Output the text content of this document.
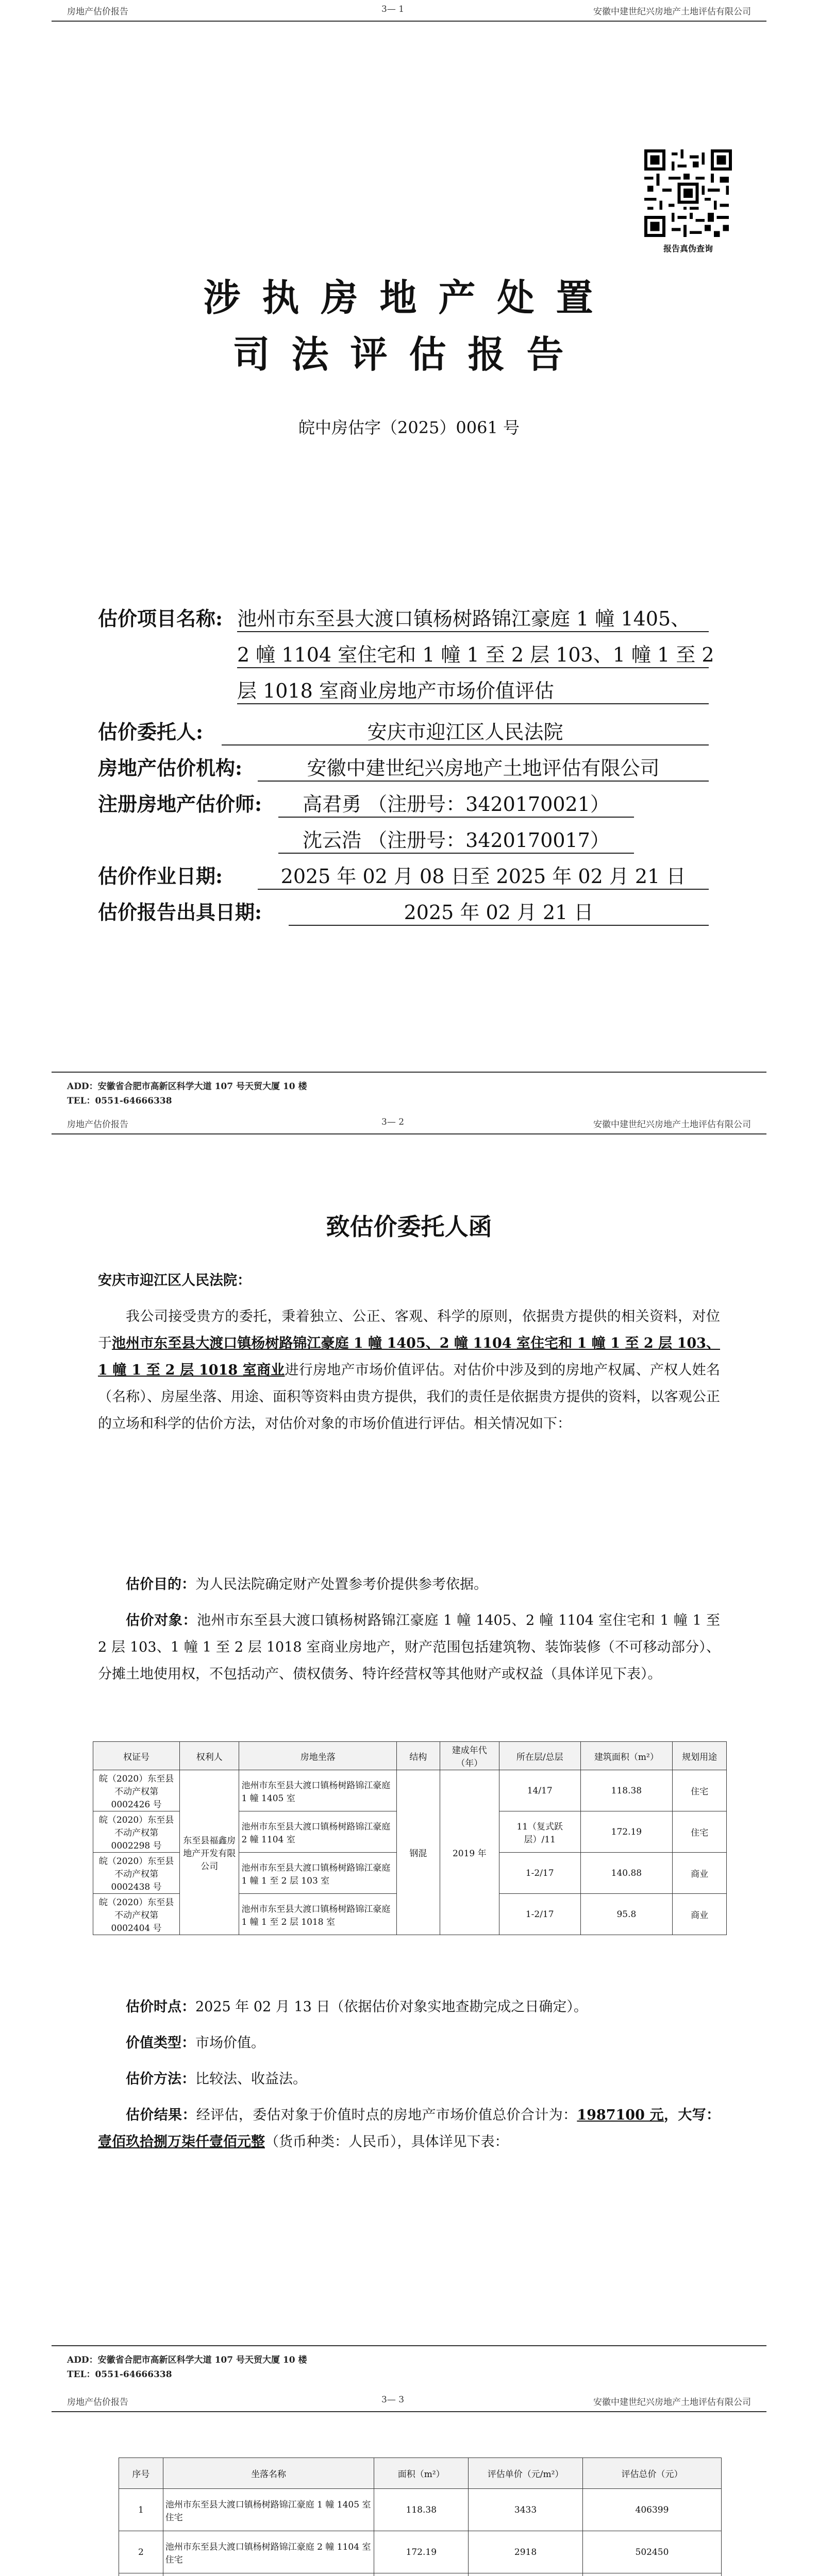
房地产估价报告	3— 1	安徽中建世纪兴房地产土地评估有限公司
报告真伪查询
涉执房地产处置
司法评估报告
皖中房估字（2025）0061 号
估价项目名称: 池州市东至县大渡口镇杨树路锦江豪庭 1 幢 1405、
2 幢 1104 室住宅和 1 幢 1 至 2 层 103、1 幢 1 至 2
层 1018 室商业房地产市场价值评估
估价委托人:	安庆市迎江区人民法院
房地产估价机构:	安徽中建世纪兴房地产土地评估有限公司
注册房地产估价师:	高君勇 （注册号：3420170021）
沈云浩 （注册号：3420170017）
估价作业日期:	2025 年 02 月 08 日至 2025 年 02 月 21 日
估价报告出具日期:	2025 年 02 月 21 日
ADD：安徽省合肥市高新区科学大道 107 号天贸大厦 10 楼
TEL：0551-64666338
房地产估价报告	3— 2	安徽中建世纪兴房地产土地评估有限公司
致估价委托人函
安庆市迎江区人民法院：
我公司接受贵方的委托，秉着独立、公正、客观、科学的原则，依据贵方提供的相关资料，对位于池州市东至县大渡口镇杨树路锦江豪庭 1 幢 1405、2 幢 1104 室住宅和 1 幢 1 至 2 层 103、1 幢 1 至 2 层 1018 室商业进行房地产市场价值评估。对估价中涉及到的房地产权属、产权人姓名（名称）、房屋坐落、用途、面积等资料由贵方提供，我们的责任是依据贵方提供的资料，以客观公正的立场和科学的估价方法，对估价对象的市场价值进行评估。相关情况如下：
估价目的：为人民法院确定财产处置参考价提供参考依据。
估价对象：池州市东至县大渡口镇杨树路锦江豪庭 1 幢 1405、2 幢 1104 室住宅和 1 幢 1 至 2 层 103、1 幢 1 至 2 层 1018 室商业房地产，财产范围包括建筑物、装饰装修（不可移动部分）、分摊土地使用权，不包括动产、债权债务、特许经营权等其他财产或权益（具体详见下表）。
权证号	权利人	房地坐落	结构	建成年代（年）	所在层/总层	建筑面积（m²）	规划用途
皖（2020）东至县不动产权第 0002426 号	东至县福鑫房地产开发有限公司	池州市东至县大渡口镇杨树路锦江豪庭 1 幢 1405 室	钢混	2019 年	14/17	118.38	住宅
皖（2020）东至县不动产权第 0002298 号		池州市东至县大渡口镇杨树路锦江豪庭 2 幢 1104 室			11（复式跃层）/11	172.19	住宅
皖（2020）东至县不动产权第 0002438 号		池州市东至县大渡口镇杨树路锦江豪庭 1 幢 1 至 2 层 103 室			1-2/17	140.88	商业
皖（2020）东至县不动产权第 0002404 号		池州市东至县大渡口镇杨树路锦江豪庭 1 幢 1 至 2 层 1018 室			1-2/17	95.8	商业
估价时点：2025 年 02 月 13 日（依据估价对象实地查勘完成之日确定）。
价值类型：市场价值。
估价方法：比较法、收益法。
估价结果：经评估，委估对象于价值时点的房地产市场价值总价合计为：1987100 元，大写：壹佰玖拾捌万柒仟壹佰元整（货币种类：人民币），具体详见下表：
ADD：安徽省合肥市高新区科学大道 107 号天贸大厦 10 楼
TEL：0551-64666338
房地产估价报告	3— 3	安徽中建世纪兴房地产土地评估有限公司
序号	坐落名称	面积（m²）	评估单价（元/m²）	评估总价（元）
1	池州市东至县大渡口镇杨树路锦江豪庭 1 幢 1405 室住宅	118.38	3433	406399
2	池州市东至县大渡口镇杨树路锦江豪庭 2 幢 1104 室住宅	172.19	2918	502450
